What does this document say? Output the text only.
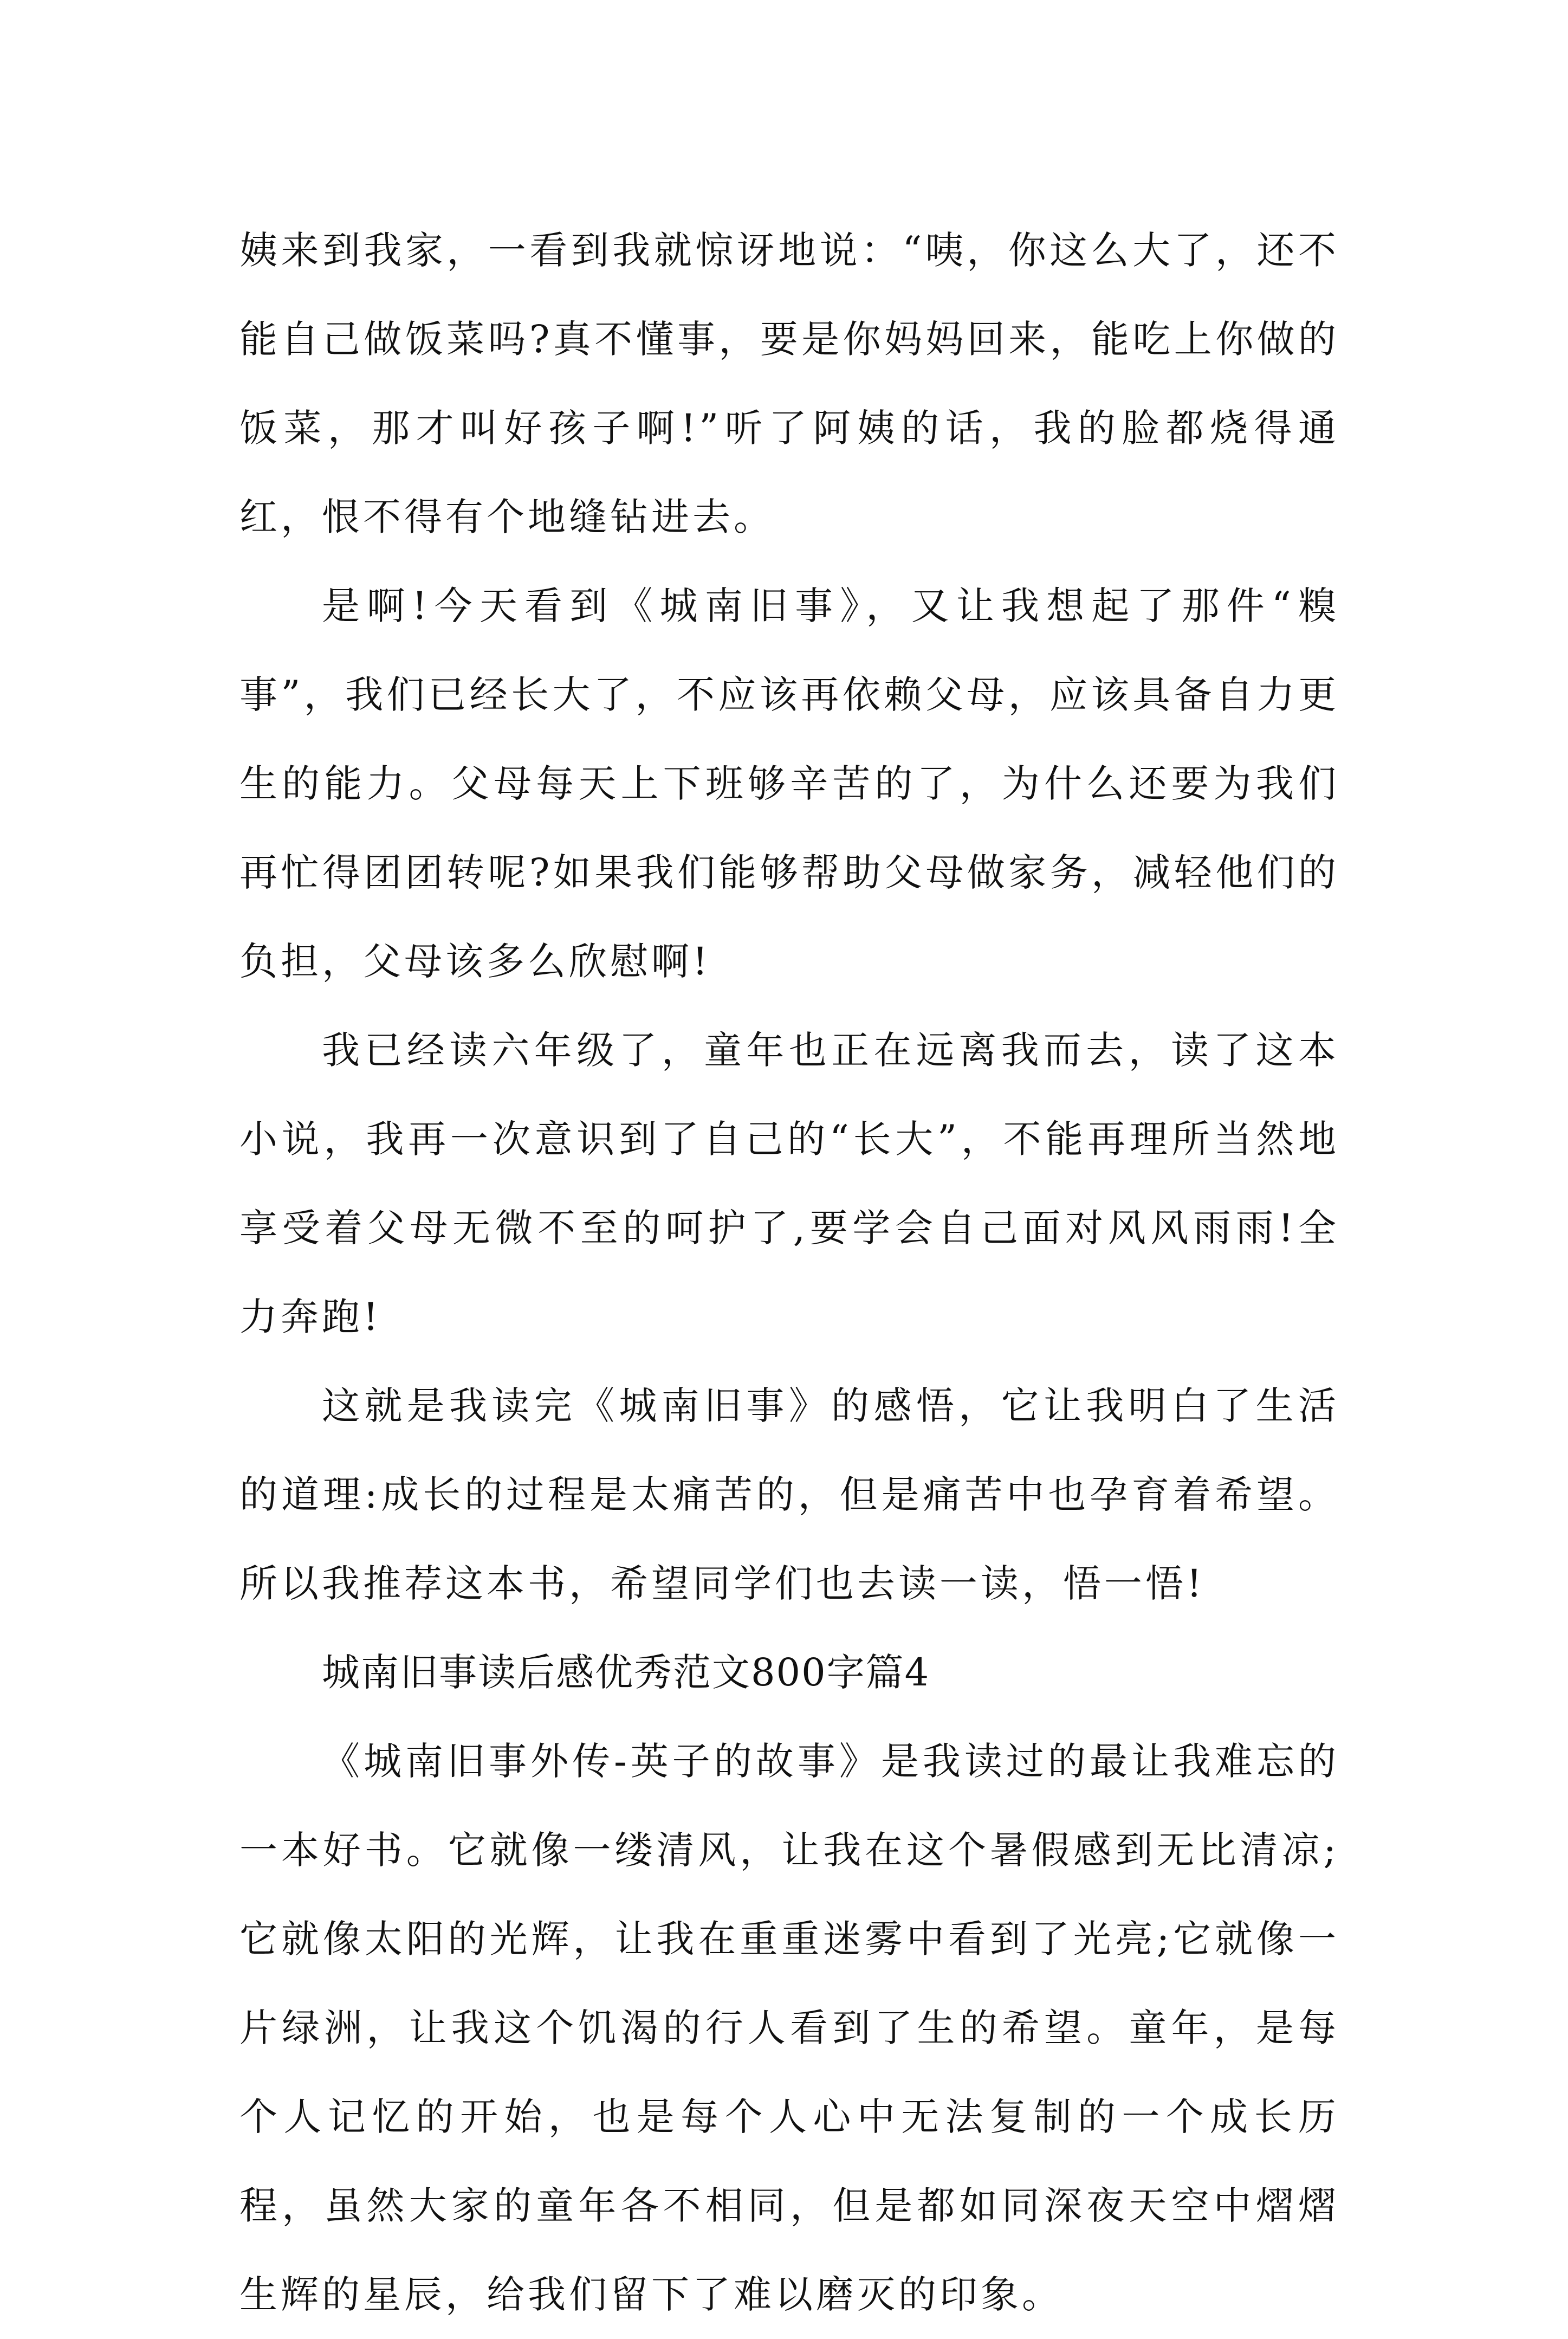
姨来到我家，一看到我就惊讶地说：“咦，你这么大了，还不能自己做饭菜吗?真不懂事，要是你妈妈回来，能吃上你做的饭菜，那才叫好孩子啊!”听了阿姨的话，我的脸都烧得通红，恨不得有个地缝钻进去。

是啊!今天看到《城南旧事》，又让我想起了那件“糗事”，我们已经长大了，不应该再依赖父母，应该具备自力更生的能力。父母每天上下班够辛苦的了，为什么还要为我们再忙得团团转呢?如果我们能够帮助父母做家务，减轻他们的负担，父母该多么欣慰啊!

我已经读六年级了，童年也正在远离我而去，读了这本小说，我再一次意识到了自己的“长大”，不能再理所当然地享受着父母无微不至的呵护了,要学会自己面对风风雨雨!全力奔跑!

这就是我读完《城南旧事》的感悟，它让我明白了生活的道理:成长的过程是太痛苦的，但是痛苦中也孕育着希望。所以我推荐这本书，希望同学们也去读一读，悟一悟!

城南旧事读后感优秀范文800字篇4

《城南旧事外传-英子的故事》是我读过的最让我难忘的一本好书。它就像一缕清风，让我在这个暑假感到无比清凉;它就像太阳的光辉，让我在重重迷雾中看到了光亮;它就像一片绿洲，让我这个饥渴的行人看到了生的希望。童年，是每个人记忆的开始，也是每个人心中无法复制的一个成长历程，虽然大家的童年各不相同，但是都如同深夜天空中熠熠生辉的星辰，给我们留下了难以磨灭的印象。
